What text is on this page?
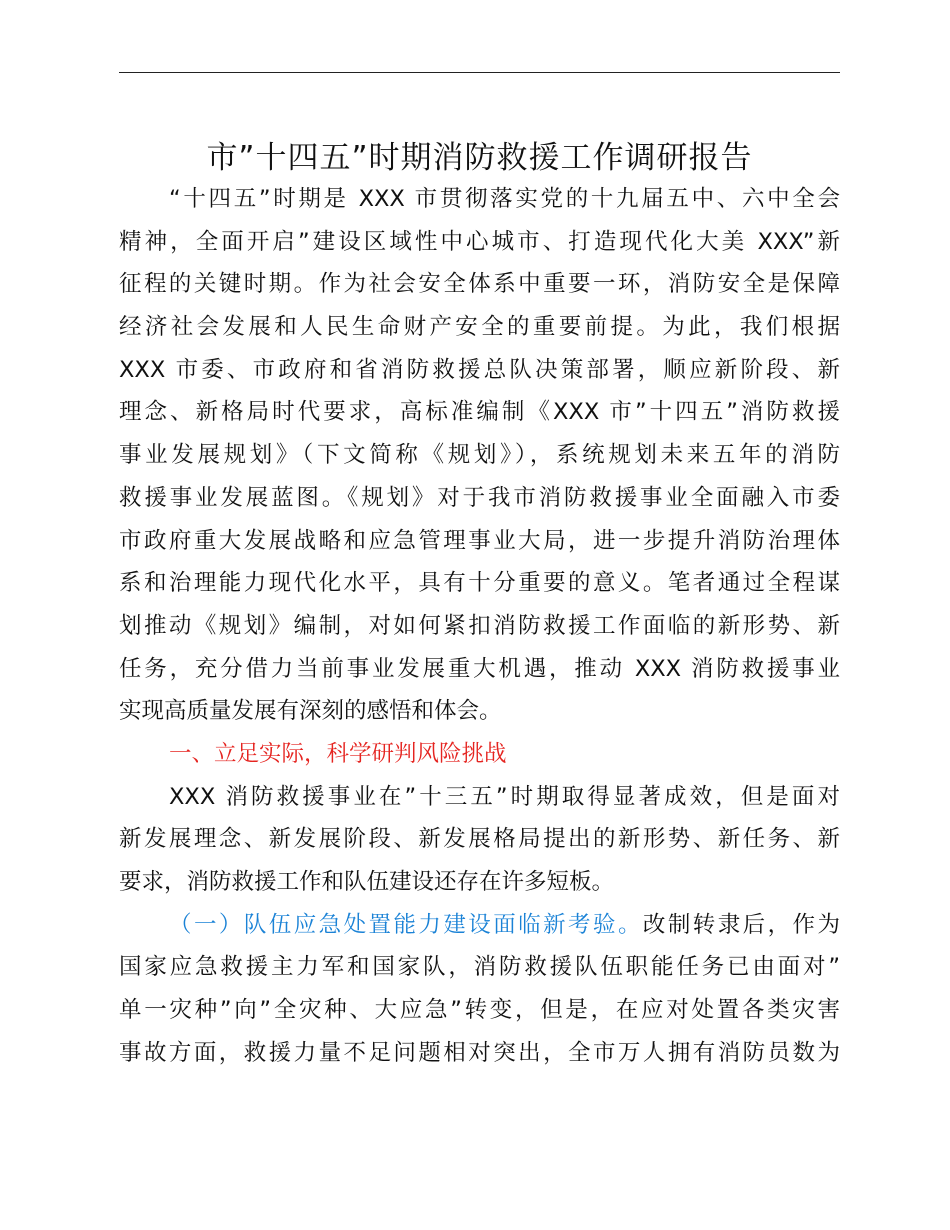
市”十四五”时期消防救援工作调研报告
“十四五”时期是 XXX 市贯彻落实党的十九届五中、六中全会
精神，全面开启”建设区域性中心城市、打造现代化大美 XXX”新
征程的关键时期。作为社会安全体系中重要一环，消防安全是保障
经济社会发展和人民生命财产安全的重要前提。为此，我们根据
XXX 市委、市政府和省消防救援总队决策部署，顺应新阶段、新
理念、新格局时代要求，高标准编制《XXX 市”十四五”消防救援
事业发展规划》（下文简称《规划》），系统规划未来五年的消防
救援事业发展蓝图。《规划》对于我市消防救援事业全面融入市委
市政府重大发展战略和应急管理事业大局，进一步提升消防治理体
系和治理能力现代化水平，具有十分重要的意义。笔者通过全程谋
划推动《规划》编制，对如何紧扣消防救援工作面临的新形势、新
任务，充分借力当前事业发展重大机遇，推动 XXX 消防救援事业
实现高质量发展有深刻的感悟和体会。
一、立足实际，科学研判风险挑战
XXX 消防救援事业在”十三五”时期取得显著成效，但是面对
新发展理念、新发展阶段、新发展格局提出的新形势、新任务、新
要求，消防救援工作和队伍建设还存在许多短板。
（一）队伍应急处置能力建设面临新考验。改制转隶后，作为
国家应急救援主力军和国家队，消防救援队伍职能任务已由面对”
单一灾种”向”全灾种、大应急”转变，但是，在应对处置各类灾害
事故方面，救援力量不足问题相对突出，全市万人拥有消防员数为
